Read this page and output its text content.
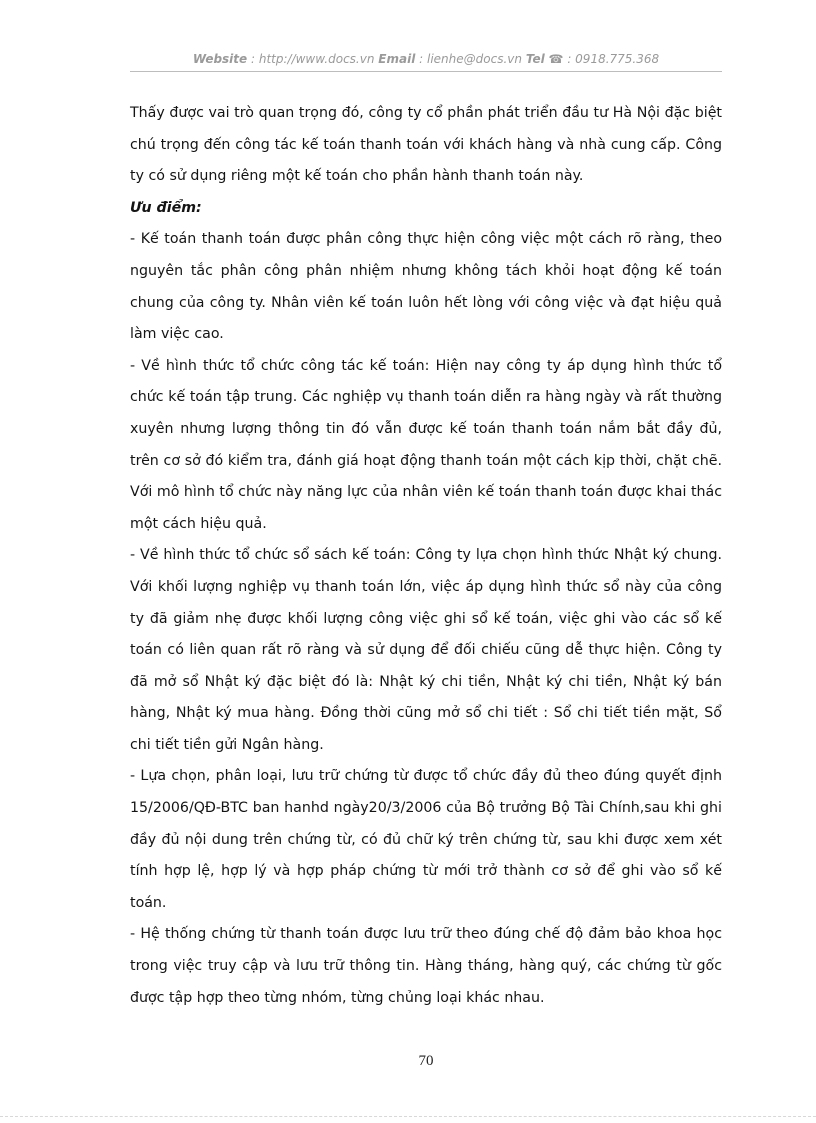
Website : http://www.docs.vn Email : lienhe@docs.vn Tel ☎ : 0918.775.368

Thấy được vai trò quan trọng đó, công ty cổ phần phát triển đầu tư Hà Nội đặc biệt chú trọng đến công tác kế toán thanh toán với khách hàng và nhà cung cấp. Công ty có sử dụng riêng một kế toán cho phần hành thanh toán này.

Ưu điểm:

- Kế toán thanh toán được phân công thực hiện công việc một cách rõ ràng, theo nguyên tắc phân công phân nhiệm nhưng không tách khỏi hoạt động kế toán chung của công ty. Nhân viên kế toán luôn hết lòng với công việc và đạt hiệu quả làm việc cao.

- Về hình thức tổ chức công tác kế toán: Hiện nay công ty áp dụng hình thức tổ chức kế toán tập trung. Các nghiệp vụ thanh toán diễn ra hàng ngày và rất thường xuyên nhưng lượng thông tin đó vẫn được kế toán thanh toán nắm bắt đầy đủ, trên cơ sở đó kiểm tra, đánh giá hoạt động thanh toán một cách kịp thời, chặt chẽ. Với mô hình tổ chức này năng lực của nhân viên kế toán thanh toán được khai thác một cách hiệu quả.

- Về hình thức tổ chức sổ sách kế toán: Công ty lựa chọn hình thức Nhật ký chung. Với khối lượng nghiệp vụ thanh toán lớn, việc áp dụng hình thức sổ này của công ty đã giảm nhẹ được khối lượng công việc ghi sổ kế toán, việc ghi vào các sổ kế toán có liên quan rất rõ ràng và sử dụng để đối chiếu cũng dễ thực hiện. Công ty đã mở sổ Nhật ký đặc biệt đó là: Nhật ký chi tiền, Nhật ký chi tiền, Nhật ký bán hàng, Nhật ký mua hàng. Đồng thời cũng mở sổ chi tiết : Sổ chi tiết tiền mặt, Sổ chi tiết tiền gửi Ngân hàng.

- Lựa chọn, phân loại, lưu trữ chứng từ được tổ chức đầy đủ theo đúng quyết định 15/2006/QĐ-BTC ban hanhd ngày20/3/2006 của Bộ trưởng Bộ Tài Chính,sau khi ghi đầy đủ nội dung trên chứng từ, có đủ chữ ký trên chứng từ, sau khi được xem xét tính hợp lệ, hợp lý và hợp pháp chứng từ mới trở thành cơ sở để ghi vào sổ kế toán.

- Hệ thống chứng từ thanh toán được lưu trữ theo đúng chế độ đảm bảo khoa học trong việc truy cập và lưu trữ thông tin. Hàng tháng, hàng quý, các chứng từ gốc được tập hợp theo từng nhóm, từng chủng loại khác nhau.

70
